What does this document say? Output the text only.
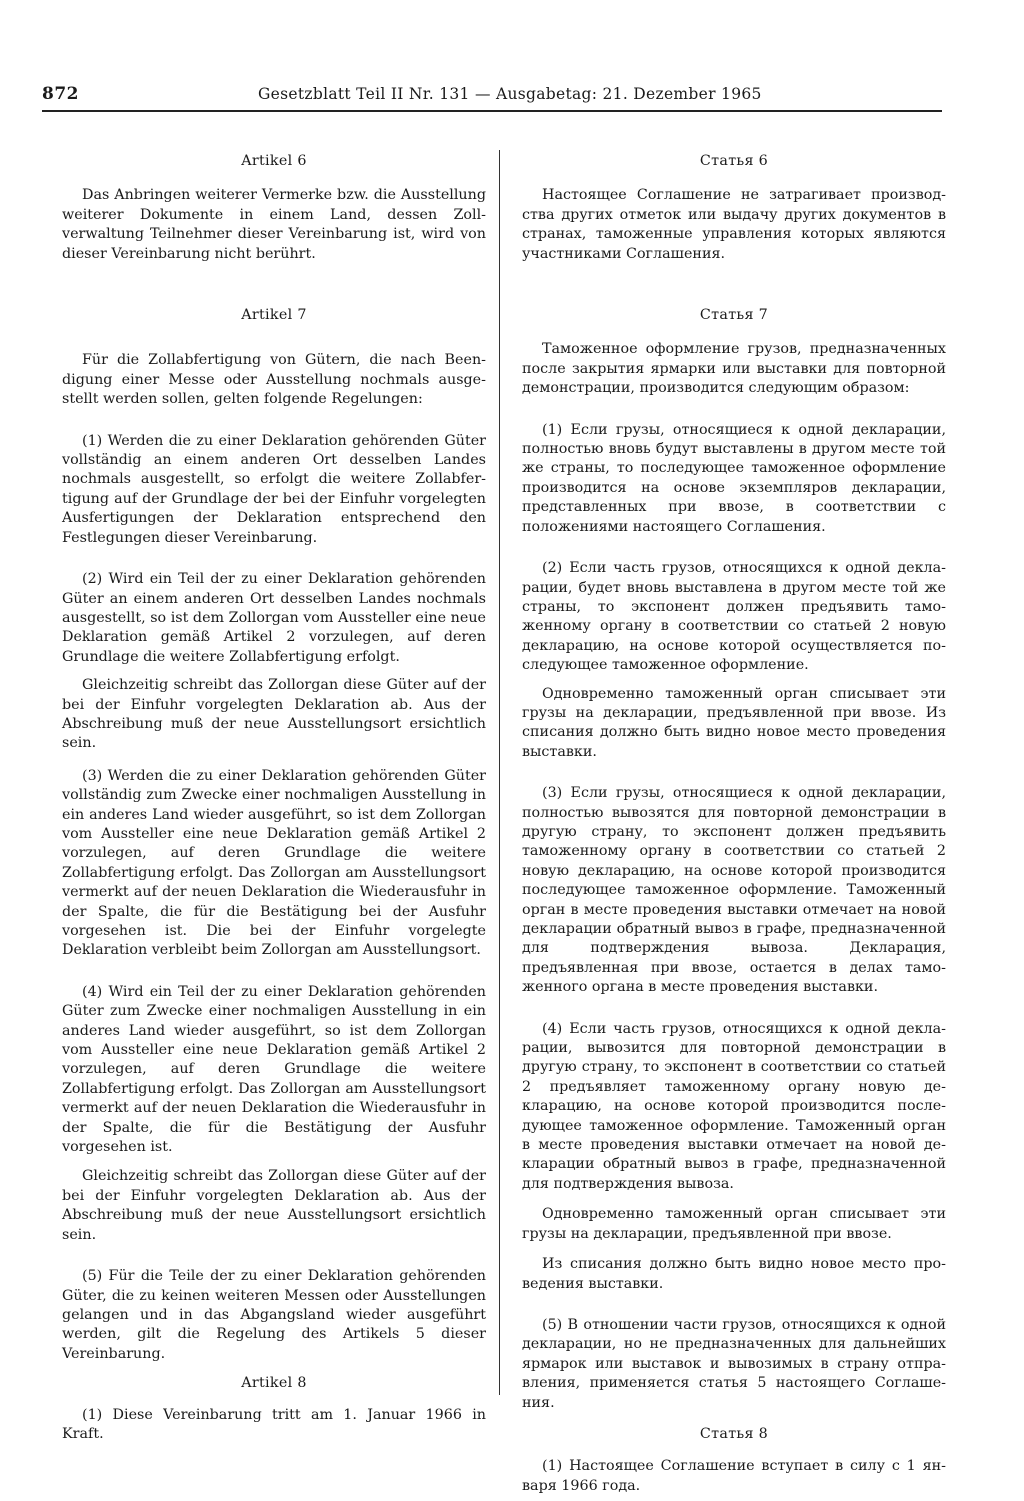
872	Gesetzblatt Teil II Nr. 131 — Ausgabetag: 21. Dezember 1965

Artikel 6

Das Anbringen weiterer Vermerke bzw. die Ausstellung weiterer Dokumente in einem Land, dessen Zollverwaltung Teilnehmer dieser Vereinbarung ist, wird von dieser Vereinbarung nicht berührt.

Artikel 7

Für die Zollabfertigung von Gütern, die nach Beendigung einer Messe oder Ausstellung nochmals ausgestellt werden sollen, gelten folgende Regelungen:

(1) Werden die zu einer Deklaration gehörenden Güter vollständig an einem anderen Ort desselben Landes nochmals ausgestellt, so erfolgt die weitere Zollabfertigung auf der Grundlage der bei der Einfuhr vorgelegten Ausfertigungen der Deklaration entsprechend den Festlegungen dieser Vereinbarung.

(2) Wird ein Teil der zu einer Deklaration gehörenden Güter an einem anderen Ort desselben Landes nochmals ausgestellt, so ist dem Zollorgan vom Aussteller eine neue Deklaration gemäß Artikel 2 vorzulegen, auf deren Grundlage die weitere Zollabfertigung erfolgt.

Gleichzeitig schreibt das Zollorgan diese Güter auf der bei der Einfuhr vorgelegten Deklaration ab. Aus der Abschreibung muß der neue Ausstellungsort ersichtlich sein.

(3) Werden die zu einer Deklaration gehörenden Güter vollständig zum Zwecke einer nochmaligen Ausstellung in ein anderes Land wieder ausgeführt, so ist dem Zollorgan vom Aussteller eine neue Deklaration gemäß Artikel 2 vorzulegen, auf deren Grundlage die weitere Zollabfertigung erfolgt. Das Zollorgan am Ausstellungsort vermerkt auf der neuen Deklaration die Wiederausfuhr in der Spalte, die für die Bestätigung bei der Ausfuhr vorgesehen ist. Die bei der Einfuhr vorgelegte Deklaration verbleibt beim Zollorgan am Ausstellungsort.

(4) Wird ein Teil der zu einer Deklaration gehörenden Güter zum Zwecke einer nochmaligen Ausstellung in ein anderes Land wieder ausgeführt, so ist dem Zollorgan vom Aussteller eine neue Deklaration gemäß Artikel 2 vorzulegen, auf deren Grundlage die weitere Zollabfertigung erfolgt. Das Zollorgan am Ausstellungsort vermerkt auf der neuen Deklaration die Wiederausfuhr in der Spalte, die für die Bestätigung der Ausfuhr vorgesehen ist.

Gleichzeitig schreibt das Zollorgan diese Güter auf der bei der Einfuhr vorgelegten Deklaration ab. Aus der Abschreibung muß der neue Ausstellungsort ersichtlich sein.

(5) Für die Teile der zu einer Deklaration gehörenden Güter, die zu keinen weiteren Messen oder Ausstellungen gelangen und in das Abgangsland wieder ausgeführt werden, gilt die Regelung des Artikels 5 dieser Vereinbarung.

Artikel 8

(1) Diese Vereinbarung tritt am 1. Januar 1966 in Kraft.

Статья 6

Настоящее Соглашение не затрагивает производства других отметок или выдачу других документов в странах, таможенные управления которых являются участниками Соглашения.

Статья 7

Таможенное оформление грузов, предназначенных после закрытия ярмарки или выставки для повторной демонстрации, производится следующим образом:

(1) Если грузы, относящиеся к одной декларации, полностью вновь будут выставлены в другом месте той же страны, то последующее таможенное оформление производится на основе экземпляров декларации, представленных при ввозе, в соответствии с положениями настоящего Соглашения.

(2) Если часть грузов, относящихся к одной декларации, будет вновь выставлена в другом месте той же страны, то экспонент должен предъявить таможенному органу в соответствии со статьей 2 новую декларацию, на основе которой осуществляется последующее таможенное оформление.

Одновременно таможенный орган списывает эти грузы на декларации, предъявленной при ввозе. Из списания должно быть видно новое место проведения выставки.

(3) Если грузы, относящиеся к одной декларации, полностью вывозятся для повторной демонстрации в другую страну, то экспонент должен предъявить таможенному органу в соответствии со статьей 2 новую декларацию, на основе которой производится последующее таможенное оформление. Таможенный орган в месте проведения выставки отмечает на новой декларации обратный вывоз в графе, предназначенной для подтверждения вывоза. Декларация, предъявленная при ввозе, остается в делах таможенного органа в месте проведения выставки.

(4) Если часть грузов, относящихся к одной декларации, вывозится для повторной демонстрации в другую страну, то экспонент в соответствии со статьей 2 предъявляет таможенному органу новую декларацию, на основе которой производится последующее таможенное оформление. Таможенный орган в месте проведения выставки отмечает на новой декларации обратный вывоз в графе, предназначенной для подтверждения вывоза.

Одновременно таможенный орган списывает эти грузы на декларации, предъявленной при ввозе.

Из списания должно быть видно новое место проведения выставки.

(5) В отношении части грузов, относящихся к одной декларации, но не предназначенных для дальнейших ярмарок или выставок и вывозимых в страну отправления, применяется статья 5 настоящего Соглашения.

Статья 8

(1) Настоящее Соглашение вступает в силу с 1 января 1966 года.
